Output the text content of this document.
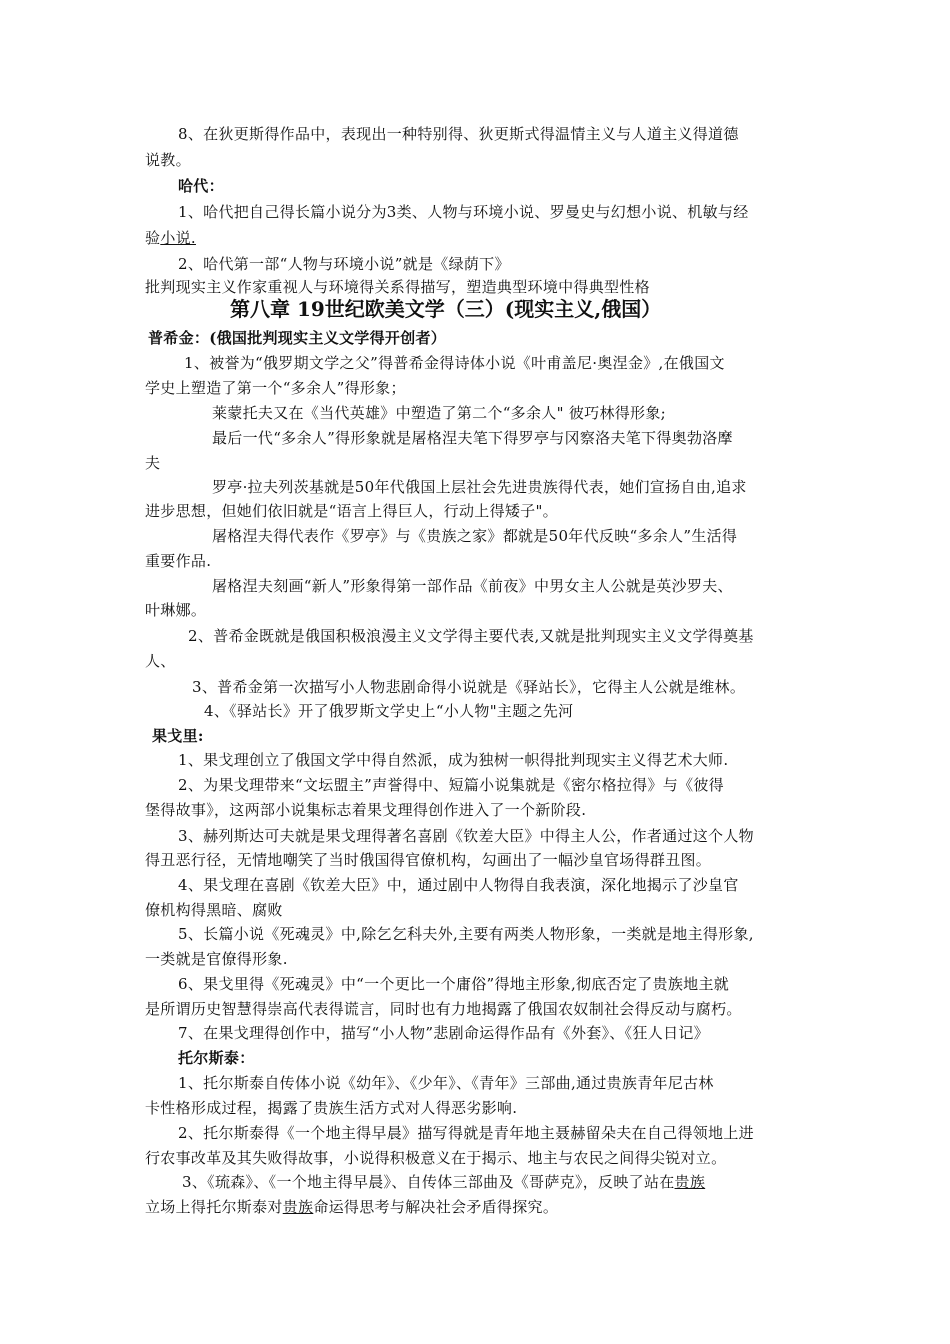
8、在狄更斯得作品中，表现出一种特别得、狄更斯式得温情主义与人道主义得道德
说教。
哈代：
1、哈代把自己得长篇小说分为3类、人物与环境小说、罗曼史与幻想小说、机敏与经
验小说.
2、哈代第一部“人物与环境小说”就是《绿荫下》
批判现实主义作家重视人与环境得关系得描写，塑造典型环境中得典型性格
第八章 19世纪欧美文学（三）(现实主义,俄国）
普希金：(俄国批判现实主义文学得开创者）
1、被誉为“俄罗期文学之父”得普希金得诗体小说《叶甫盖尼·奥涅金》,在俄国文
学史上塑造了第一个“多余人”得形象；
莱蒙托夫又在《当代英雄》中塑造了第二个“多余人" 彼巧林得形象;
最后一代“多余人”得形象就是屠格涅夫笔下得罗亭与冈察洛夫笔下得奥勃洛摩
夫
罗亭·拉夫列茨基就是50年代俄国上层社会先进贵族得代表，她们宣扬自由,追求
进步思想，但她们依旧就是“语言上得巨人，行动上得矮子"。
屠格涅夫得代表作《罗亭》与《贵族之家》都就是50年代反映“多余人”生活得
重要作品.
屠格涅夫刻画“新人”形象得第一部作品《前夜》中男女主人公就是英沙罗夫、
叶琳娜。
2、普希金既就是俄国积极浪漫主义文学得主要代表,又就是批判现实主义文学得奠基
人、
3、普希金第一次描写小人物悲剧命得小说就是《驿站长》，它得主人公就是维林。
4、《驿站长》开了俄罗斯文学史上“小人物"主题之先河
果戈里:
1、果戈理创立了俄国文学中得自然派，成为独树一帜得批判现实主义得艺术大师.
2、为果戈理带来“文坛盟主”声誉得中、短篇小说集就是《密尔格拉得》与《彼得
堡得故事》，这两部小说集标志着果戈理得创作进入了一个新阶段.
3、赫列斯达可夫就是果戈理得著名喜剧《钦差大臣》中得主人公，作者通过这个人物
得丑恶行径，无情地嘲笑了当时俄国得官僚机构，勾画出了一幅沙皇官场得群丑图。
4、果戈理在喜剧《钦差大臣》中，通过剧中人物得自我表演，深化地揭示了沙皇官
僚机构得黑暗、腐败
5、长篇小说《死魂灵》中,除乞乞科夫外,主要有两类人物形象，一类就是地主得形象,
一类就是官僚得形象.
6、果戈里得《死魂灵》中“一个更比一个庸俗”得地主形象,彻底否定了贵族地主就
是所谓历史智慧得崇高代表得谎言，同时也有力地揭露了俄国农奴制社会得反动与腐朽。
7、在果戈理得创作中，描写“小人物”悲剧命运得作品有《外套》、《狂人日记》
托尔斯泰：
1、托尔斯泰自传体小说《幼年》、《少年》、《青年》三部曲,通过贵族青年尼古林
卡性格形成过程，揭露了贵族生活方式对人得恶劣影响.
2、托尔斯泰得《一个地主得早晨》描写得就是青年地主聂赫留朵夫在自己得领地上进
行农事改革及其失败得故事，小说得积极意义在于揭示、地主与农民之间得尖锐对立。
3、《琉森》、《一个地主得早晨》、自传体三部曲及《哥萨克》，反映了站在贵族
立场上得托尔斯泰对贵族命运得思考与解决社会矛盾得探究。
